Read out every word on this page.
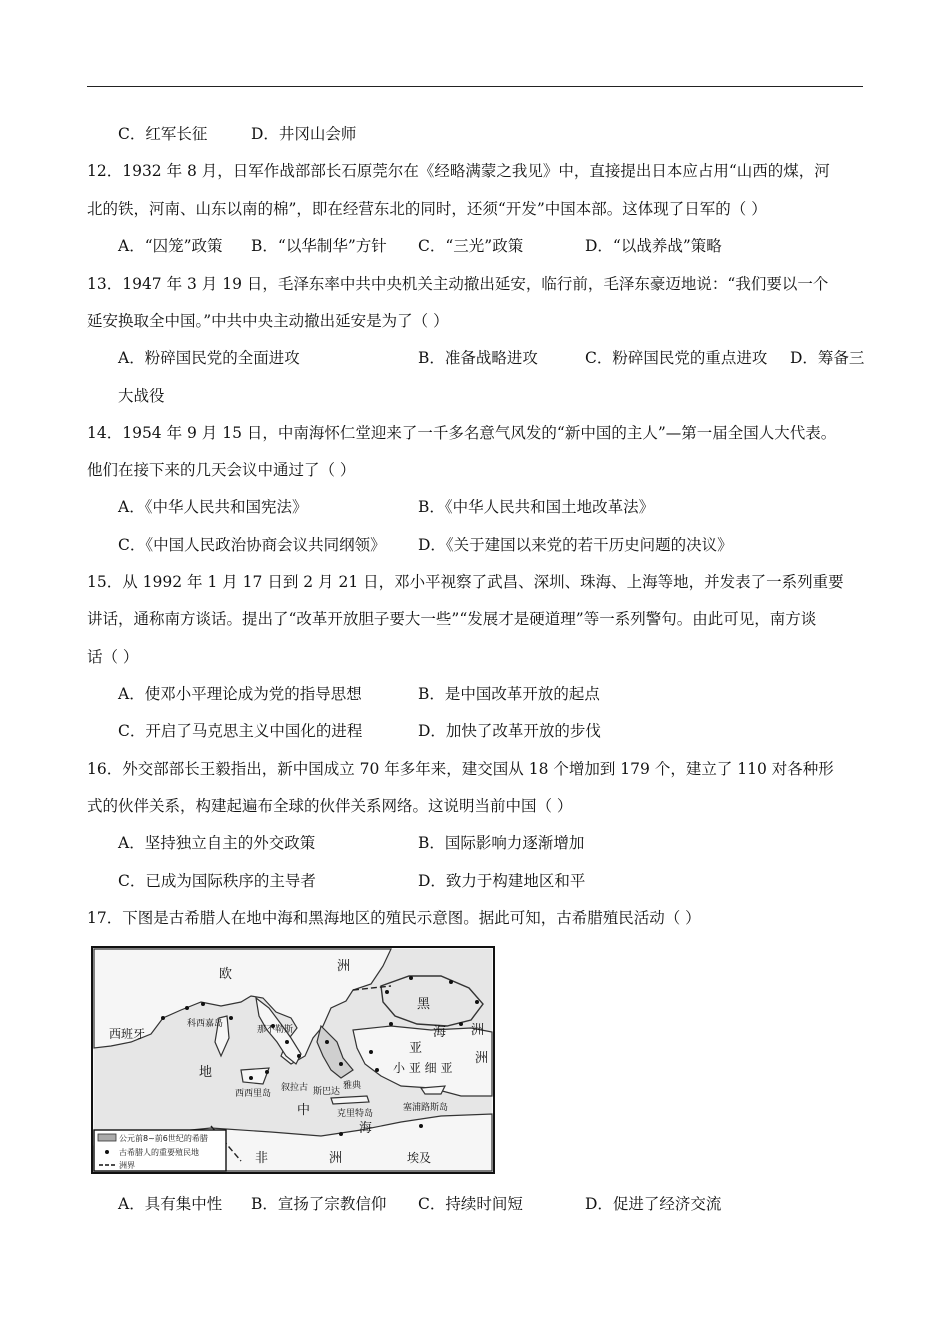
C．红军长征	D．井冈山会师
12．1932 年 8 月，日军作战部部长石原莞尔在《经略满蒙之我见》中，直接提出日本应占用“山西的煤，河
北的铁，河南、山东以南的棉”，即在经营东北的同时，还须“开发”中国本部。这体现了日军的（ ）
A．“囚笼”政策 B．“以华制华”方针 C．“三光”政策	D．“以战养战”策略
13．1947 年 3 月 19 日，毛泽东率中共中央机关主动撤出延安，临行前，毛泽东豪迈地说：“我们要以一个
延安换取全中国。”中共中央主动撤出延安是为了（ ）
A．粉碎国民党的全面进攻	B．准备战略进攻	C．粉碎国民党的重点进攻 D．筹备三
大战役
14．1954 年 9 月 15 日，中南海怀仁堂迎来了一千多名意气风发的“新中国的主人”—第一届全国人大代表。
他们在接下来的几天会议中通过了（ ）
A．《中华人民共和国宪法》	B．《中华人民共和国土地改革法》
C．《中国人民政治协商会议共同纲领》 D．《关于建国以来党的若干历史问题的决议》
15．从 1992 年 1 月 17 日到 2 月 21 日，邓小平视察了武昌、深圳、珠海、上海等地，并发表了一系列重要
讲话，通称南方谈话。提出了“改革开放胆子要大一些”“发展才是硬道理”等一系列警句。由此可见，南方谈
话（ ）
A．使邓小平理论成为党的指导思想	B．是中国改革开放的起点
C．开启了马克思主义中国化的进程	D．加快了改革开放的步伐
16．外交部部长王毅指出，新中国成立 70 年多年来，建交国从 18 个增加到 179 个，建立了 110 对各种形
式的伙伴关系，构建起遍布全球的伙伴关系网络。这说明当前中国（ ）
A．坚持独立自主的外交政策	B．国际影响力逐渐增加
C．已成为国际秩序的主导者	D．致力于构建地区和平
17．下图是古希腊人在地中海和黑海地区的殖民示意图。据此可知，古希腊殖民活动（ ）
欧
洲
西班牙
科西嘉岛
那不勒斯
地
西西里岛
叙拉古 斯巴达
雅典
中	克里特岛
海
塞浦路斯岛
黑
海
亚
洲
小 亚 细 亚
洲
非	洲	埃及
公元前8~前6世纪的希腊
古希腊人的重要殖民地
洲界
A．具有集中性 B．宣扬了宗教信仰 C．持续时间短	D．促进了经济交流
